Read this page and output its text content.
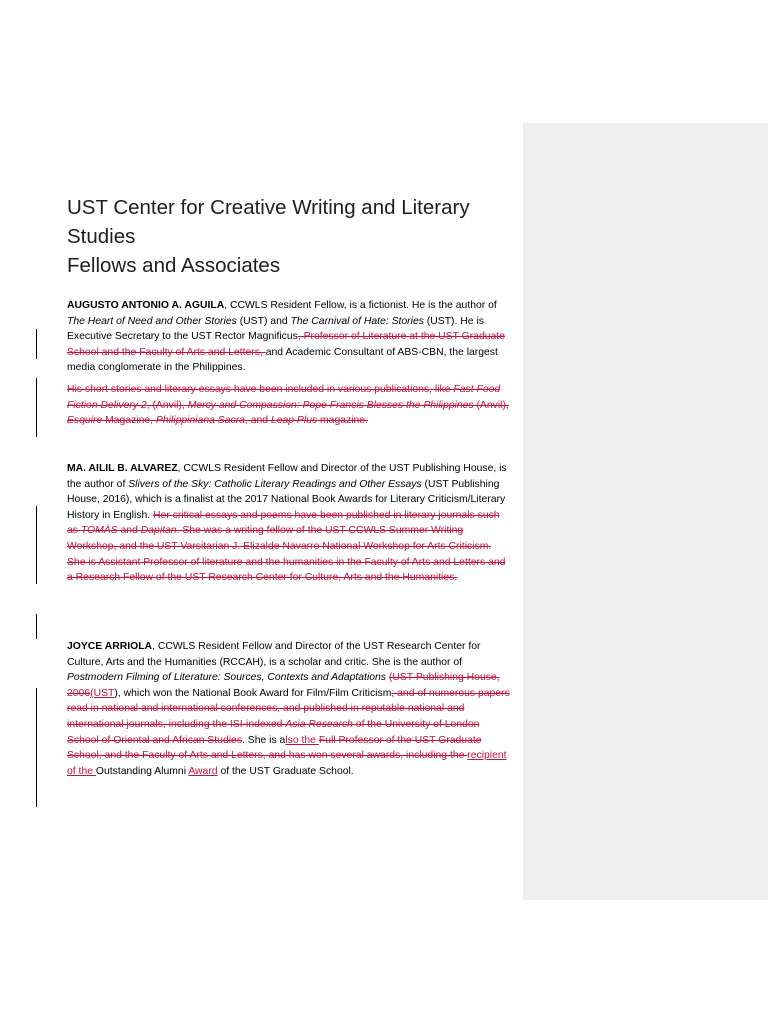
UST Center for Creative Writing and Literary Studies
Fellows and Associates

AUGUSTO ANTONIO A. AGUILA, CCWLS Resident Fellow, is a fictionist. He is the author of The Heart of Need and Other Stories (UST) and The Carnival of Hate: Stories (UST). He is Executive Secretary to the UST Rector Magnificus, Professor of Literature at the UST Graduate School and the Faculty of Arts and Letters, and Academic Consultant of ABS-CBN, the largest media conglomerate in the Philippines.

His short stories and literary essays have been included in various publications, like Fast Food Fiction Delivery 2, (Anvil), Mercy and Compassion: Pope Francis Blesses the Philippines (Anvil), Esquire Magazine, Philippiniana Sacra, and Leap Plus magazine.

MA. AILIL B. ALVAREZ, CCWLS Resident Fellow and Director of the UST Publishing House, is the author of Slivers of the Sky: Catholic Literary Readings and Other Essays (UST Publishing House, 2016), which is a finalist at the 2017 National Book Awards for Literary Criticism/Literary History in English. Her critical essays and poems have been published in literary journals such as TOMÁS and Dapitan. She was a writing fellow of the UST CCWLS Summer Writing Workshop, and the UST Varsitarian J. Elizalde Navarro National Workshop for Arts Criticism. She is Assistant Professor of literature and the humanities in the Faculty of Arts and Letters and a Research Fellow of the UST Research Center for Culture, Arts and the Humanities.

JOYCE ARRIOLA, CCWLS Resident Fellow and Director of the UST Research Center for Culture, Arts and the Humanities (RCCAH), is a scholar and critic. She is the author of Postmodern Filming of Literature: Sources, Contexts and Adaptations (UST Publishing House, 2006(UST), which won the National Book Award for Film/Film Criticism; and of numerous papers read in national and international conferences, and published in reputable national and international journals, including the ISI-indexed Asia Research of the University of London School of Oriental and African Studies. She is also the Full Professor of the UST Graduate School, and the Faculty of Arts and Letters, and has won several awards, including the recipient of the Outstanding Alumni Award of the UST Graduate School.
